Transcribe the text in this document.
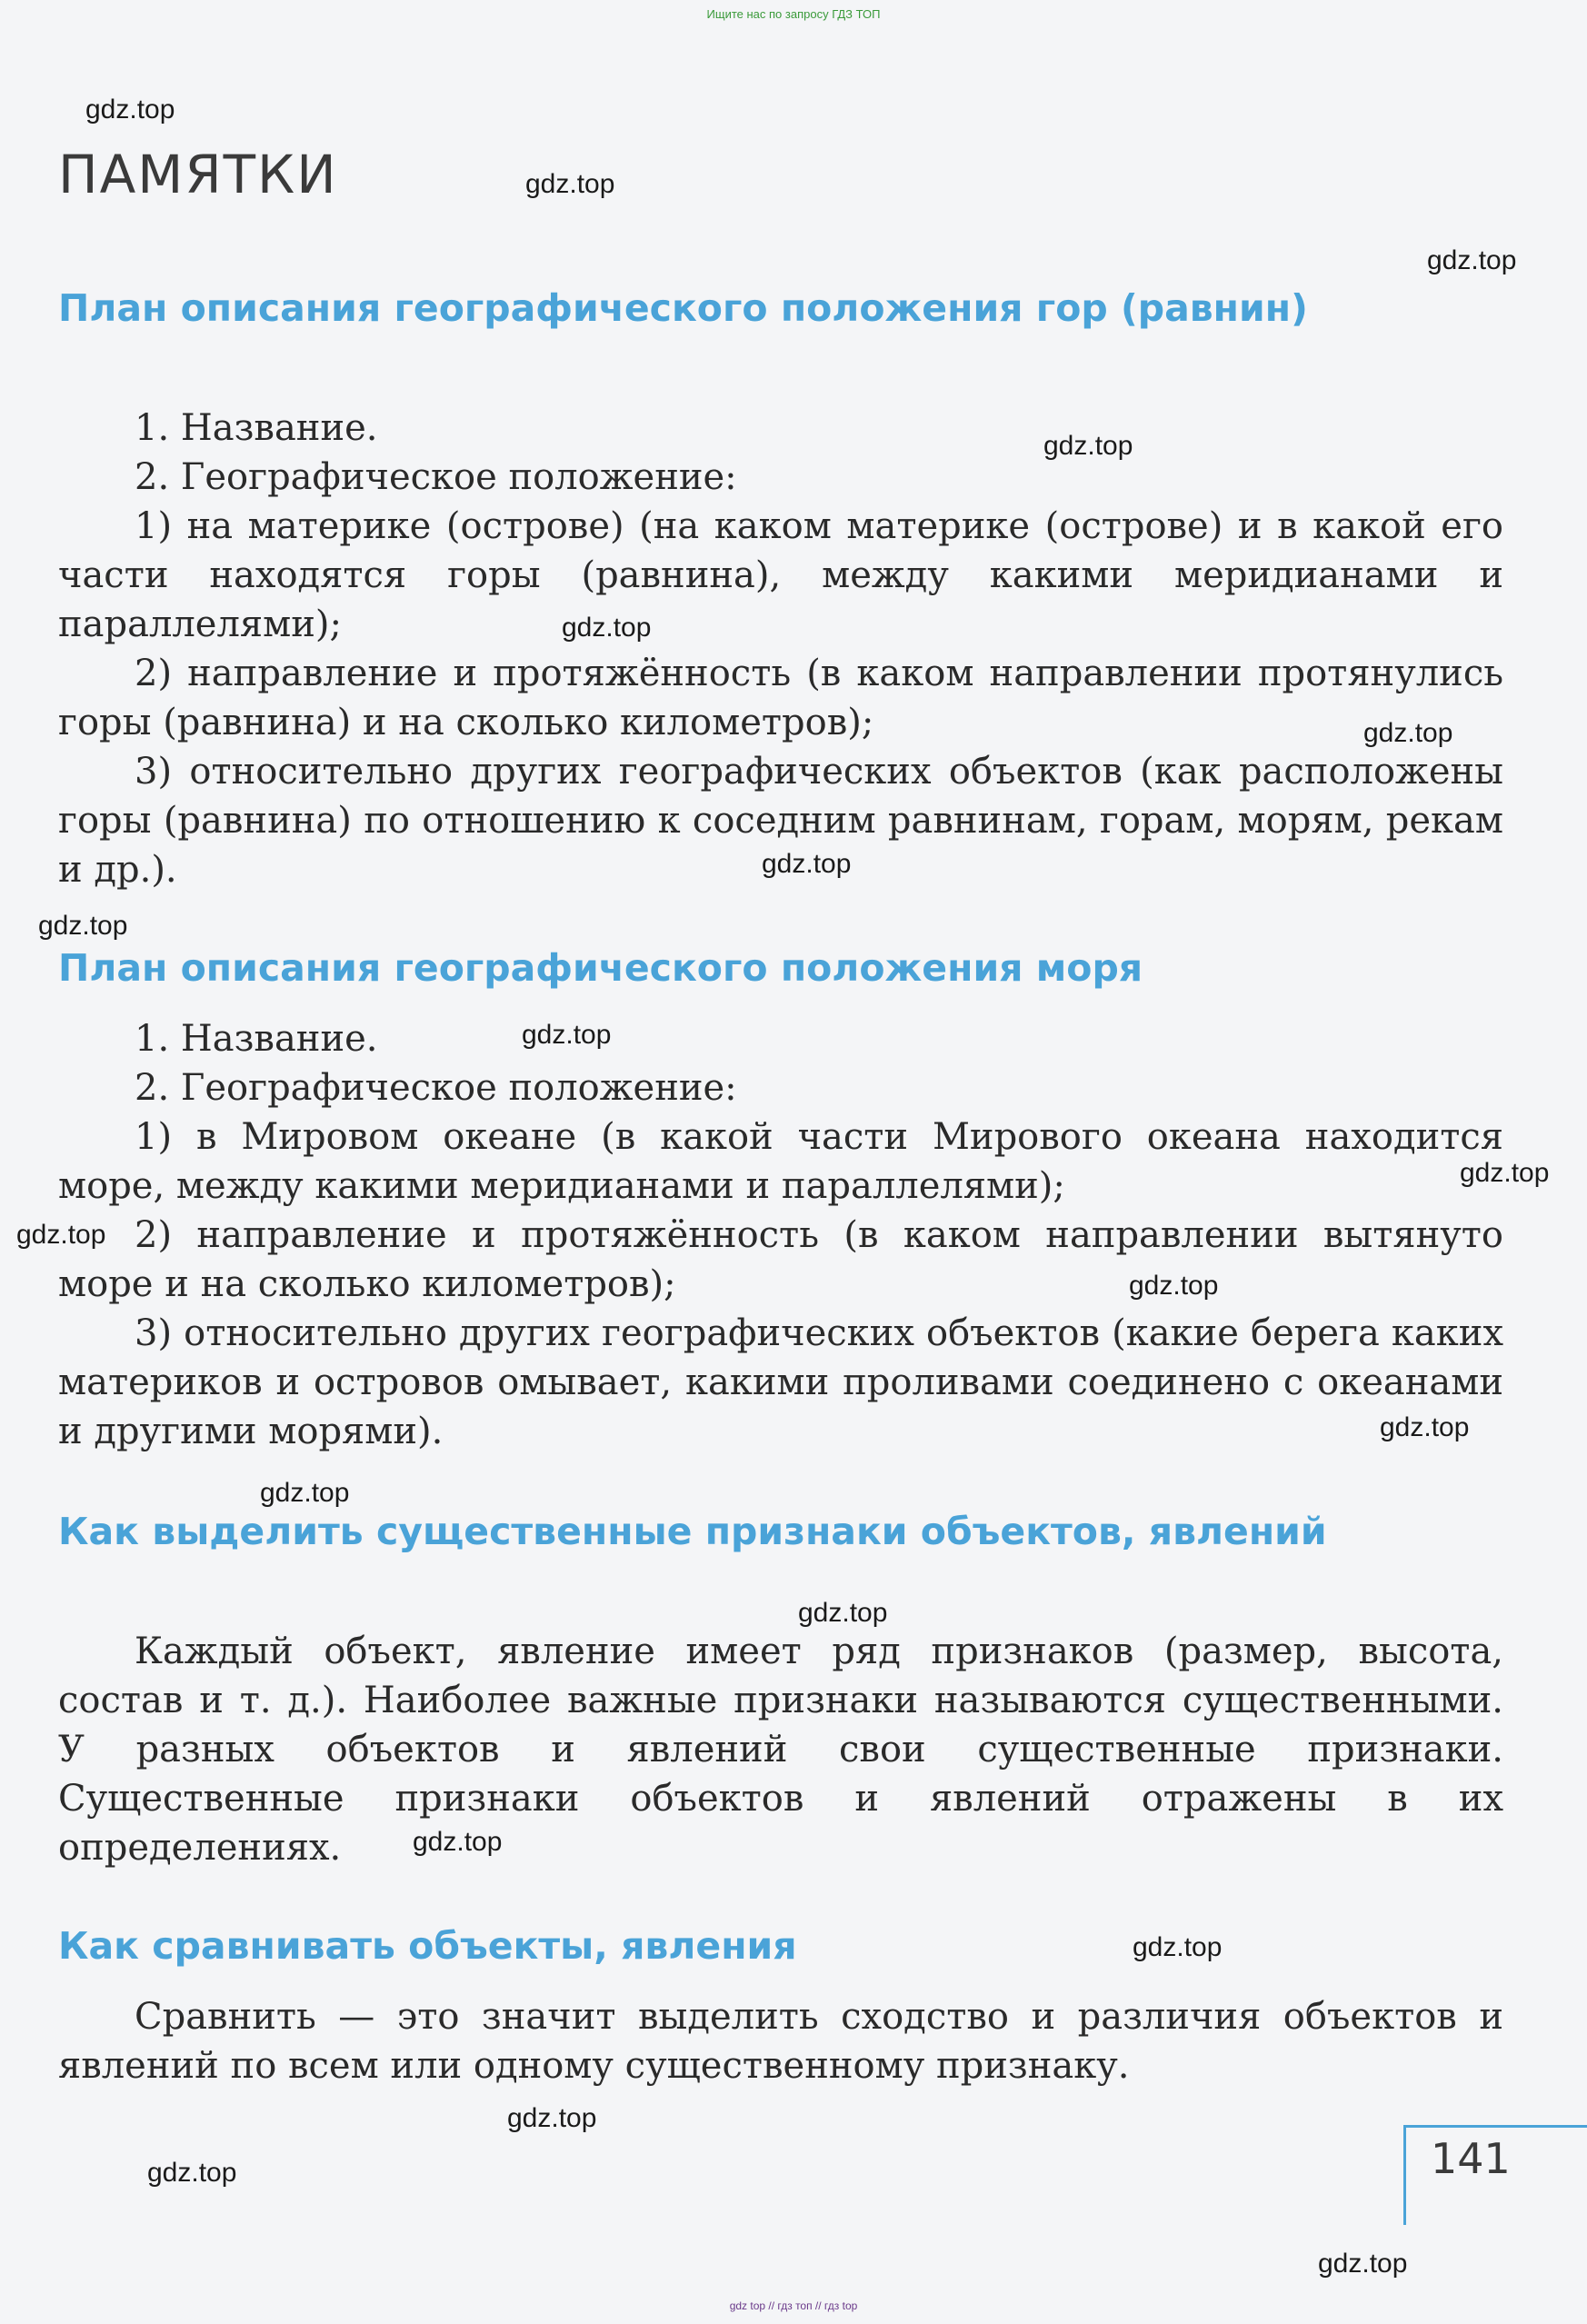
Ищите нас по запросу ГДЗ ТОП
ПАМЯТКИ
План описания географического положения гор (равнин)

1. Название.

2. Географическое положение:

1) на материке (острове) (на каком материке (острове) и в какой его части находятся горы (равнина), между какими меридианами и параллелями);

2) направление и протяжённость (в каком направлении протянулись горы (равнина) и на сколько километров);

3) относительно других географических объектов (как расположены горы (равнина) по отношению к соседним равнинам, горам, морям, рекам и др.).

План описания географического положения моря

1. Название.

2. Географическое положение:

1) в Мировом океане (в какой части Мирового океана находится море, между какими меридианами и параллелями);

2) направление и протяжённость (в каком направлении вытянуто море и на сколько километров);

3) относительно других географических объектов (какие берега каких материков и островов омывает, какими проливами соединено с океанами и другими морями).

Как выделить существенные признаки объектов, явлений

Каждый объект, явление имеет ряд признаков (размер, высота, состав и т. д.). Наиболее важные признаки называются существенными. У разных объектов и явлений свои существенные признаки. Существенные признаки объектов и явлений отражены в их определениях.

Как сравнивать объекты, явления

Сравнить — это значит выделить сходство и различия объектов и явлений по всем или одному существенному признаку.

141
gdz.top
gdz.top
gdz.top
gdz.top
gdz.top
gdz.top
gdz.top
gdz.top
gdz.top
gdz.top
gdz.top
gdz.top
gdz.top
gdz.top
gdz.top
gdz.top
gdz.top
gdz.top
gdz.top
gdz.top
gdz top // гдз топ // гдз top
